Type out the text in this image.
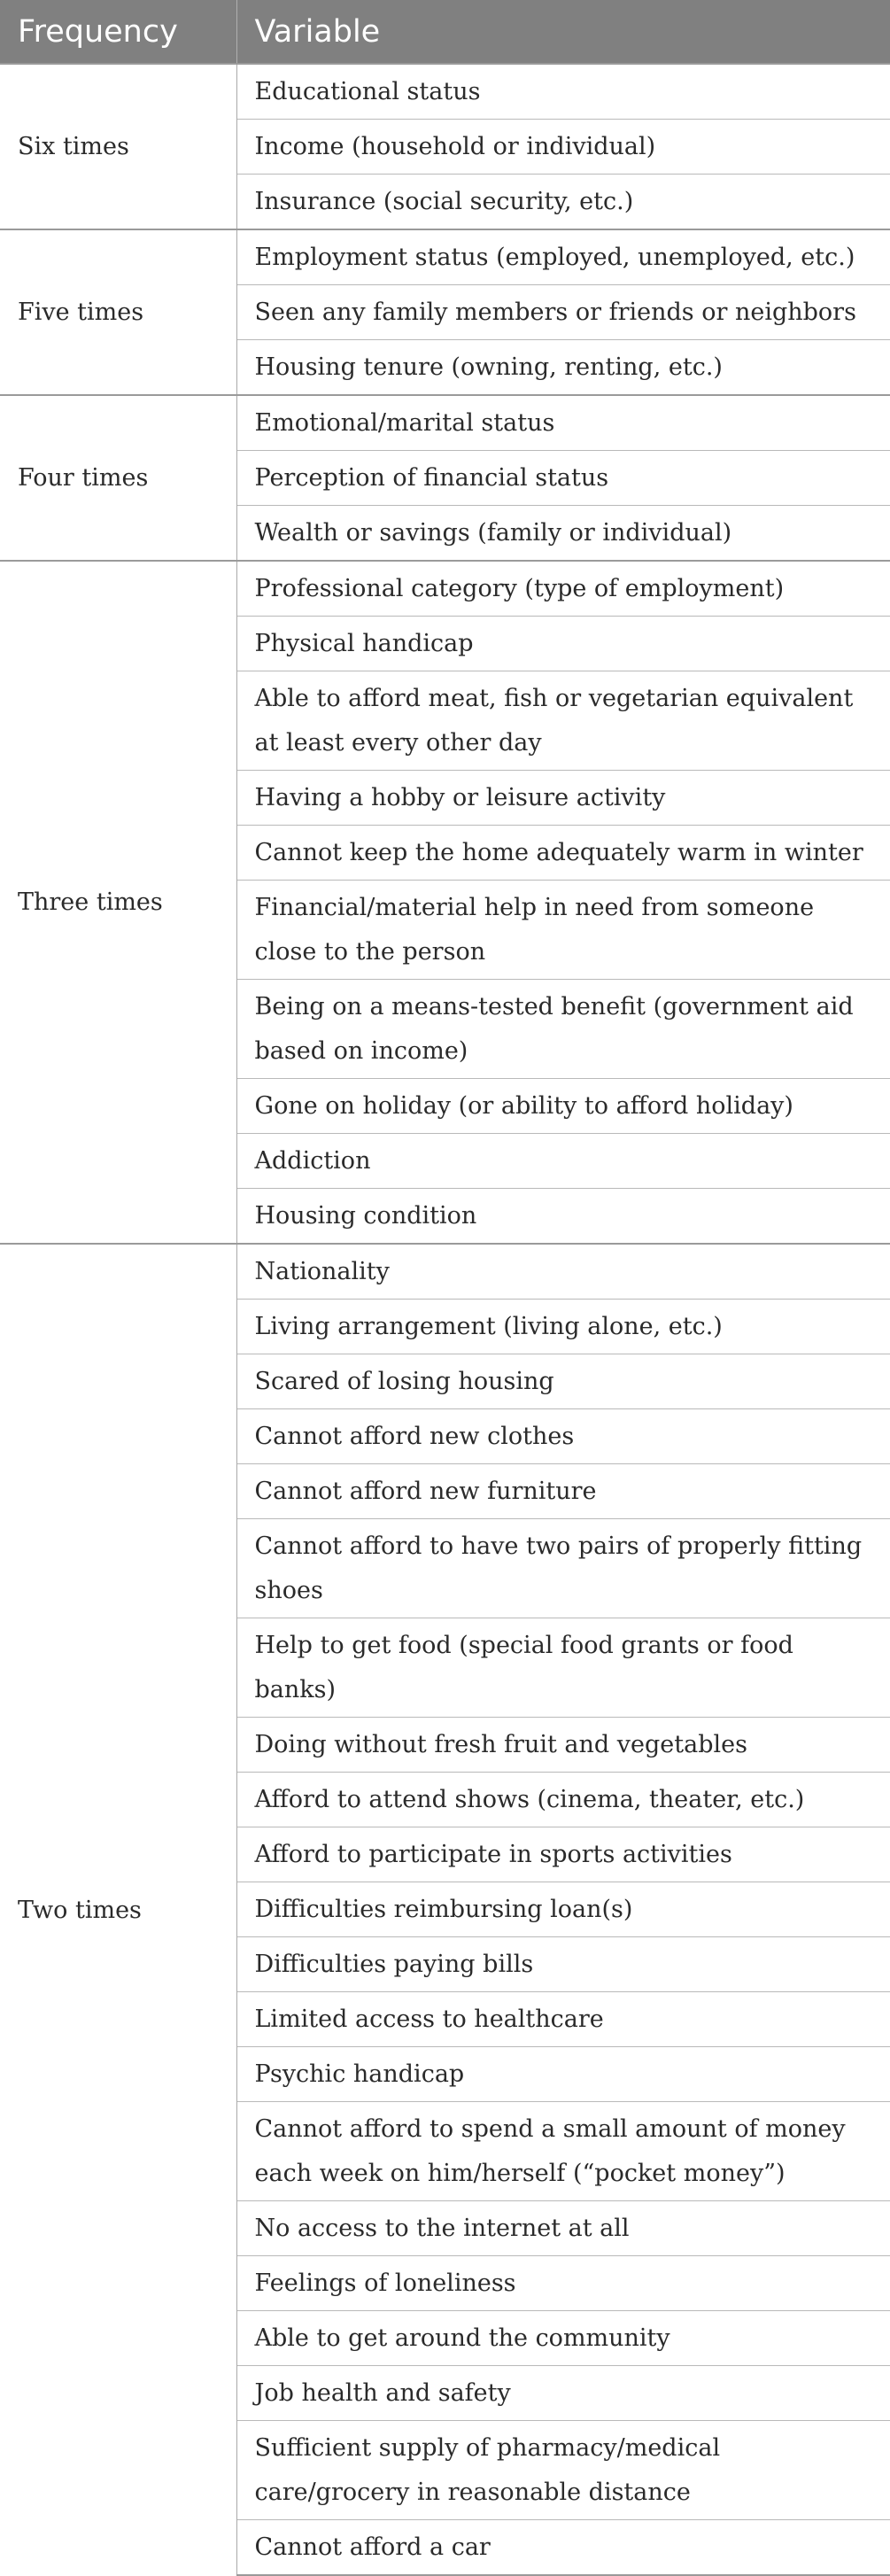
Frequency	Variable
Six times	Educational status
	Income (household or individual)
	Insurance (social security, etc.)
Five times	Employment status (employed, unemployed, etc.)
	Seen any family members or friends or neighbors
	Housing tenure (owning, renting, etc.)
Four times	Emotional/marital status
	Perception of financial status
	Wealth or savings (family or individual)
Three times	Professional category (type of employment)
	Physical handicap
	Able to afford meat, fish or vegetarian equivalent at least every other day
	Having a hobby or leisure activity
	Cannot keep the home adequately warm in winter
	Financial/material help in need from someone close to the person
	Being on a means-tested benefit (government aid based on income)
	Gone on holiday (or ability to afford holiday)
	Addiction
	Housing condition
Two times	Nationality
	Living arrangement (living alone, etc.)
	Scared of losing housing
	Cannot afford new clothes
	Cannot afford new furniture
	Cannot afford to have two pairs of properly fitting shoes
	Help to get food (special food grants or food banks)
	Doing without fresh fruit and vegetables
	Afford to attend shows (cinema, theater, etc.)
	Afford to participate in sports activities
	Difficulties reimbursing loan(s)
	Difficulties paying bills
	Limited access to healthcare
	Psychic handicap
	Cannot afford to spend a small amount of money each week on him/herself (“pocket money”)
	No access to the internet at all
	Feelings of loneliness
	Able to get around the community
	Job health and safety
	Sufficient supply of pharmacy/medical care/grocery in reasonable distance
	Cannot afford a car
